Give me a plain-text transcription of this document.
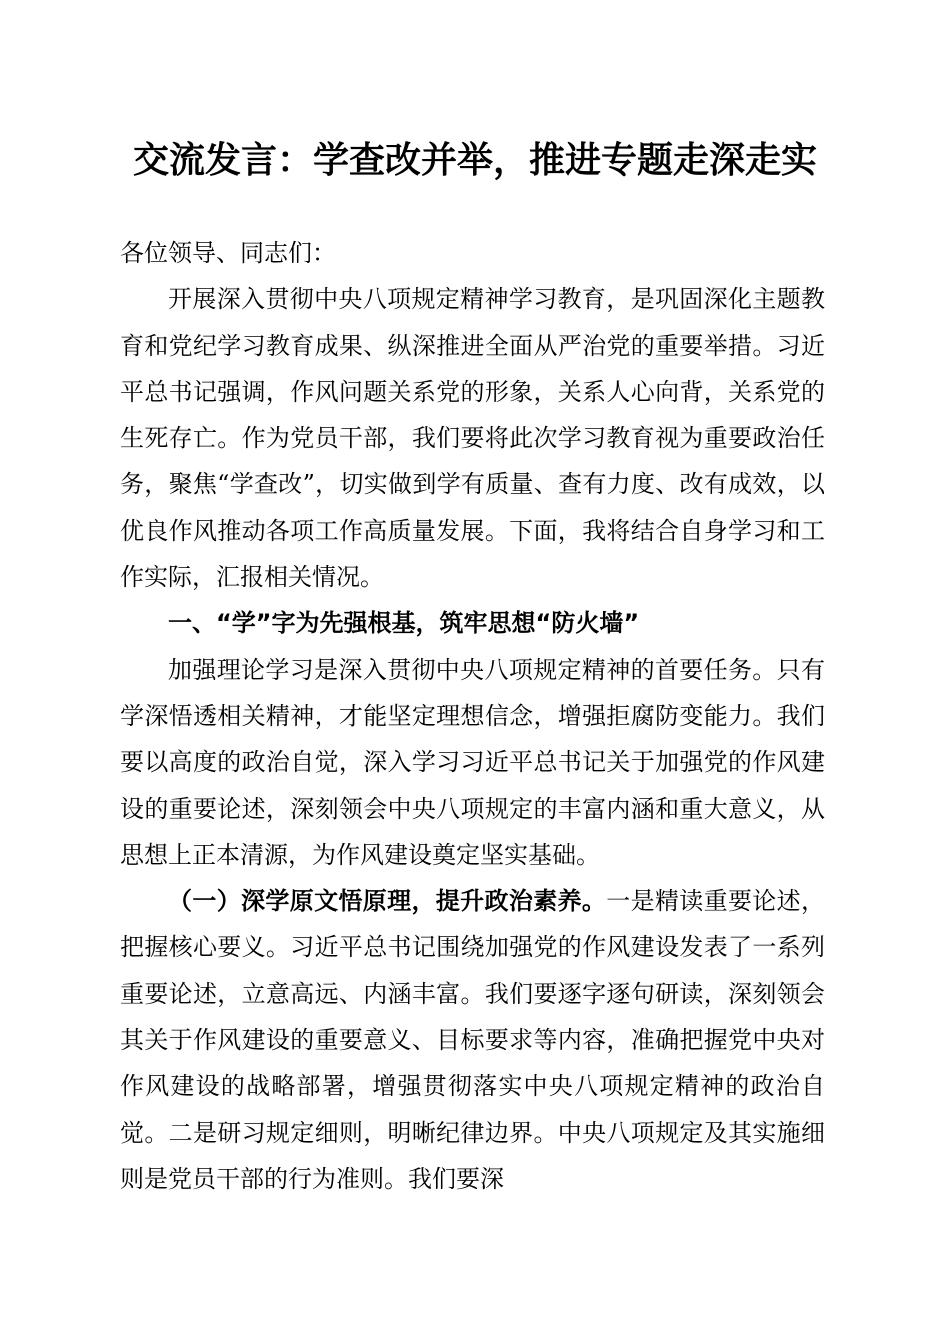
交流发言：学查改并举，推进专题走深走实

各位领导、同志们：

开展深入贯彻中央八项规定精神学习教育，是巩固深化主题教育和党纪学习教育成果、纵深推进全面从严治党的重要举措。习近平总书记强调，作风问题关系党的形象，关系人心向背，关系党的生死存亡。作为党员干部，我们要将此次学习教育视为重要政治任务，聚焦“学查改”，切实做到学有质量、查有力度、改有成效，以优良作风推动各项工作高质量发展。下面，我将结合自身学习和工作实际，汇报相关情况。

一、“学”字为先强根基，筑牢思想“防火墙”

加强理论学习是深入贯彻中央八项规定精神的首要任务。只有学深悟透相关精神，才能坚定理想信念，增强拒腐防变能力。我们要以高度的政治自觉，深入学习习近平总书记关于加强党的作风建设的重要论述，深刻领会中央八项规定的丰富内涵和重大意义，从思想上正本清源，为作风建设奠定坚实基础。

（一）深学原文悟原理，提升政治素养。一是精读重要论述，把握核心要义。习近平总书记围绕加强党的作风建设发表了一系列重要论述，立意高远、内涵丰富。我们要逐字逐句研读，深刻领会其关于作风建设的重要意义、目标要求等内容，准确把握党中央对作风建设的战略部署，增强贯彻落实中央八项规定精神的政治自觉。二是研习规定细则，明晰纪律边界。中央八项规定及其实施细则是党员干部的行为准则。我们要深
